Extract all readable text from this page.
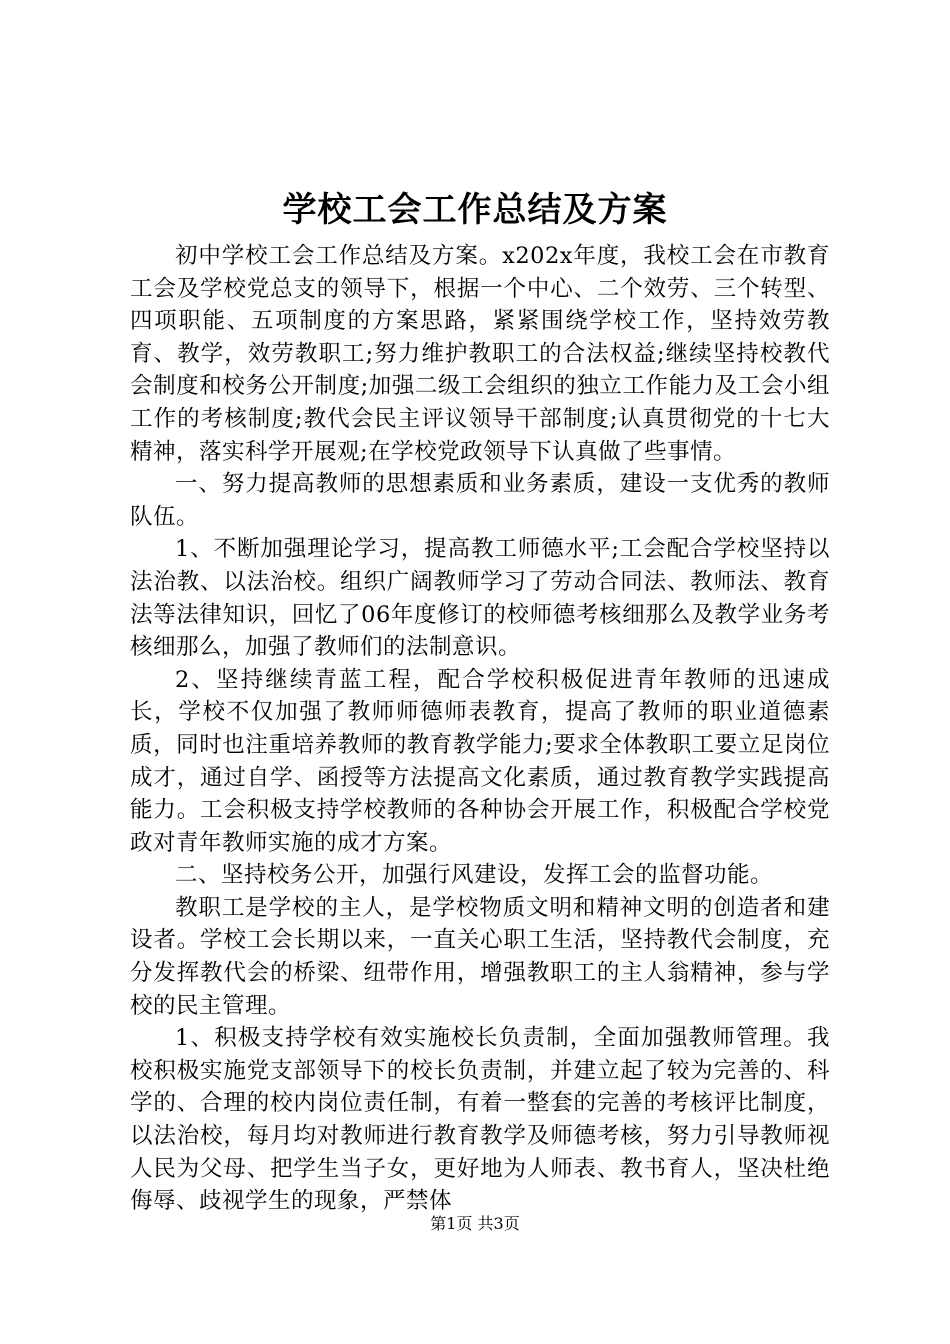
学校工会工作总结及方案

初中学校工会工作总结及方案。x202x年度，我校工会在市教育工会及学校党总支的领导下，根据一个中心、二个效劳、三个转型、四项职能、五项制度的方案思路，紧紧围绕学校工作，坚持效劳教育、教学，效劳教职工;努力维护教职工的合法权益;继续坚持校教代会制度和校务公开制度;加强二级工会组织的独立工作能力及工会小组工作的考核制度;教代会民主评议领导干部制度;认真贯彻党的十七大精神，落实科学开展观;在学校党政领导下认真做了些事情。

一、努力提高教师的思想素质和业务素质，建设一支优秀的教师队伍。

1、不断加强理论学习，提高教工师德水平;工会配合学校坚持以法治教、以法治校。组织广阔教师学习了劳动合同法、教师法、教育法等法律知识，回忆了06年度修订的校师德考核细那么及教学业务考核细那么，加强了教师们的法制意识。

2、坚持继续青蓝工程，配合学校积极促进青年教师的迅速成长，学校不仅加强了教师师德师表教育，提高了教师的职业道德素质，同时也注重培养教师的教育教学能力;要求全体教职工要立足岗位成才，通过自学、函授等方法提高文化素质，通过教育教学实践提高能力。工会积极支持学校教师的各种协会开展工作，积极配合学校党政对青年教师实施的成才方案。

二、坚持校务公开，加强行风建设，发挥工会的监督功能。

教职工是学校的主人，是学校物质文明和精神文明的创造者和建设者。学校工会长期以来，一直关心职工生活，坚持教代会制度，充分发挥教代会的桥梁、纽带作用，增强教职工的主人翁精神，参与学校的民主管理。

1、积极支持学校有效实施校长负责制，全面加强教师管理。我校积极实施党支部领导下的校长负责制，并建立起了较为完善的、科学的、合理的校内岗位责任制，有着一整套的完善的考核评比制度，以法治校，每月均对教师进行教育教学及师德考核，努力引导教师视人民为父母、把学生当子女，更好地为人师表、教书育人，坚决杜绝侮辱、歧视学生的现象，严禁体

第1页 共3页
